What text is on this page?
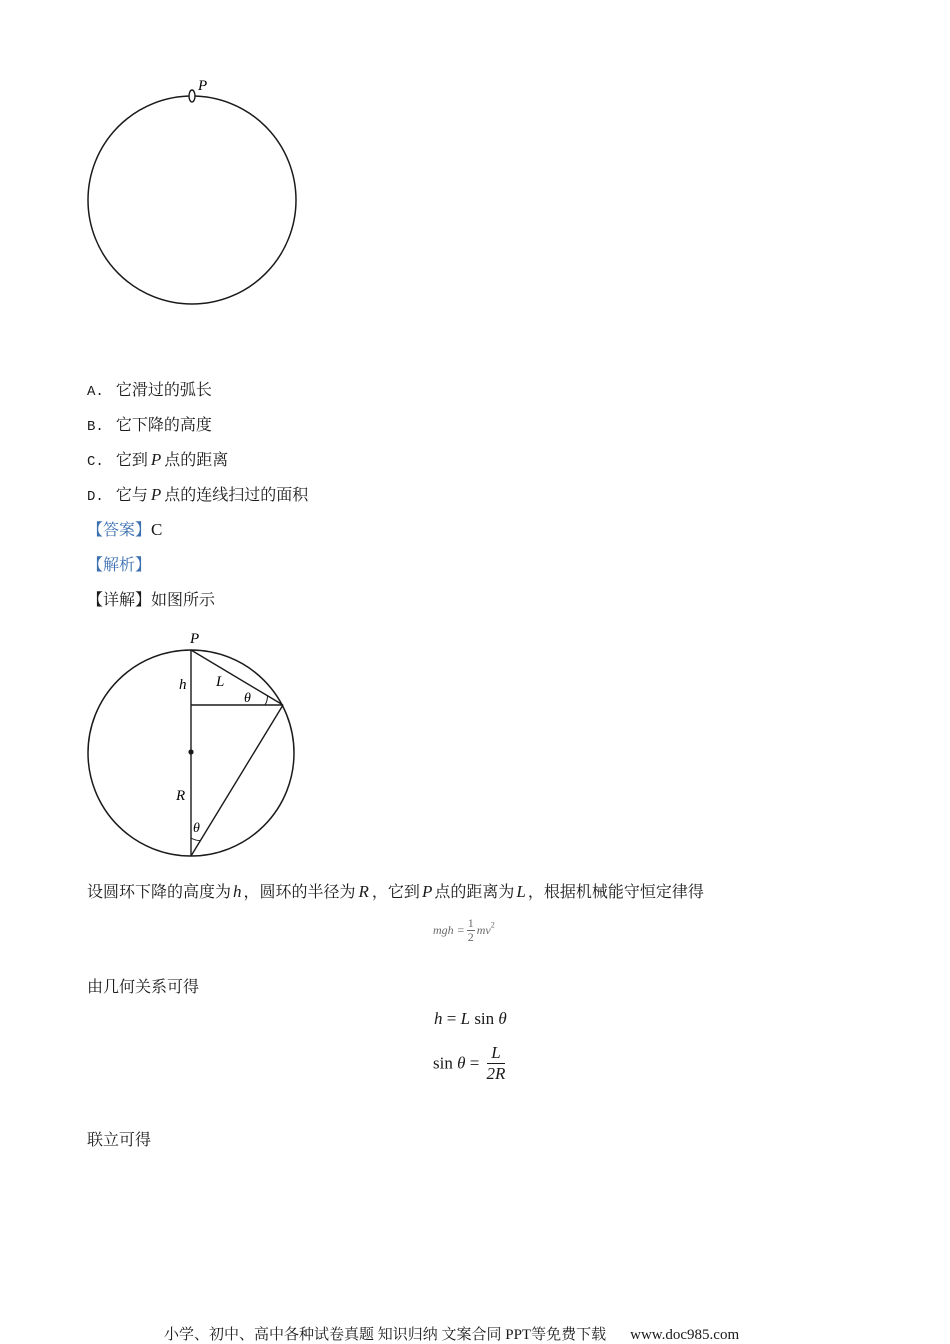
P
A. 它滑过的弧长
B. 它下降的高度
C. 它到 P 点的距离
D. 它与 P 点的连线扫过的面积
【答案】C
【解析】
【详解】如图所示
P
h L
θ
R
θ
设圆环下降的高度为 h ，圆环的半径为 R ，它到 P 点的距离为 L ，根据机械能守恒定律得
mgh = $\frac{1}{2} mv^2$
由几何关系可得
h = L sin θ
$\sin \theta = \frac{L}{2R}$
联立可得
小学、初中、高中各种试卷真题 知识归纳 文案合同 PPT等免费下载 www.doc985.com
